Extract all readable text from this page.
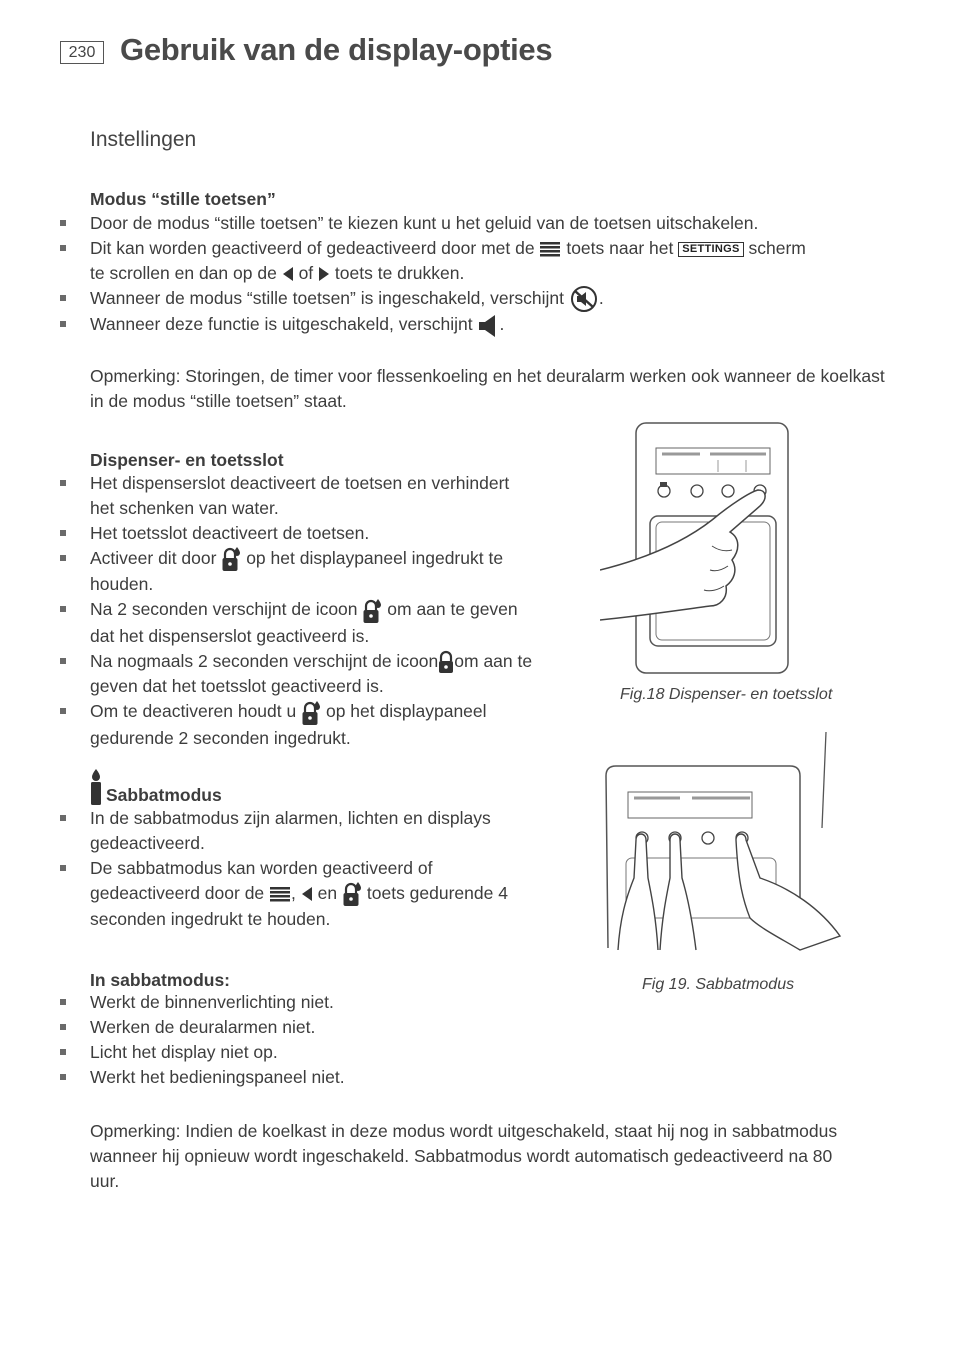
230 Gebruik van de display-opties
Instellingen
Modus “stille toetsen”
Door de modus “stille toetsen” te kiezen kunt u het geluid van de toetsen uitschakelen.
Dit kan worden geactiveerd of gedeactiveerd door met de toets naar het SETTINGS scherm
te scrollen en dan op de of toets te drukken.
Wanneer de modus “stille toetsen” is ingeschakeld, verschijnt .
Wanneer deze functie is uitgeschakeld, verschijnt .
Opmerking: Storingen, de timer voor flessenkoeling en het deuralarm werken ook wanneer de koelkast in de modus “stille toetsen” staat.
Dispenser- en toetsslot
Het dispenserslot deactiveert de toetsen en verhindert het schenken van water.
Het toetsslot deactiveert de toetsen.
Activeer dit door op het displaypaneel ingedrukt te houden.
Na 2 seconden verschijnt de icoon om aan te geven dat het dispenserslot geactiveerd is.
Na nogmaals 2 seconden verschijnt de icoon om aan te geven dat het toetsslot geactiveerd is.
Om te deactiveren houdt u op het displaypaneel gedurende 2 seconden ingedrukt.
Fig.18 Dispenser- en toetsslot
Sabbatmodus
In de sabbatmodus zijn alarmen, lichten en displays gedeactiveerd.
De sabbatmodus kan worden geactiveerd of gedeactiveerd door de , en toets gedurende 4 seconden ingedrukt te houden.
Fig 19. Sabbatmodus
In sabbatmodus:
Werkt de binnenverlichting niet.
Werken de deuralarmen niet.
Licht het display niet op.
Werkt het bedieningspaneel niet.
Opmerking: Indien de koelkast in deze modus wordt uitgeschakeld, staat hij nog in sabbatmodus wanneer hij opnieuw wordt ingeschakeld. Sabbatmodus wordt automatisch gedeactiveerd na 80 uur.
